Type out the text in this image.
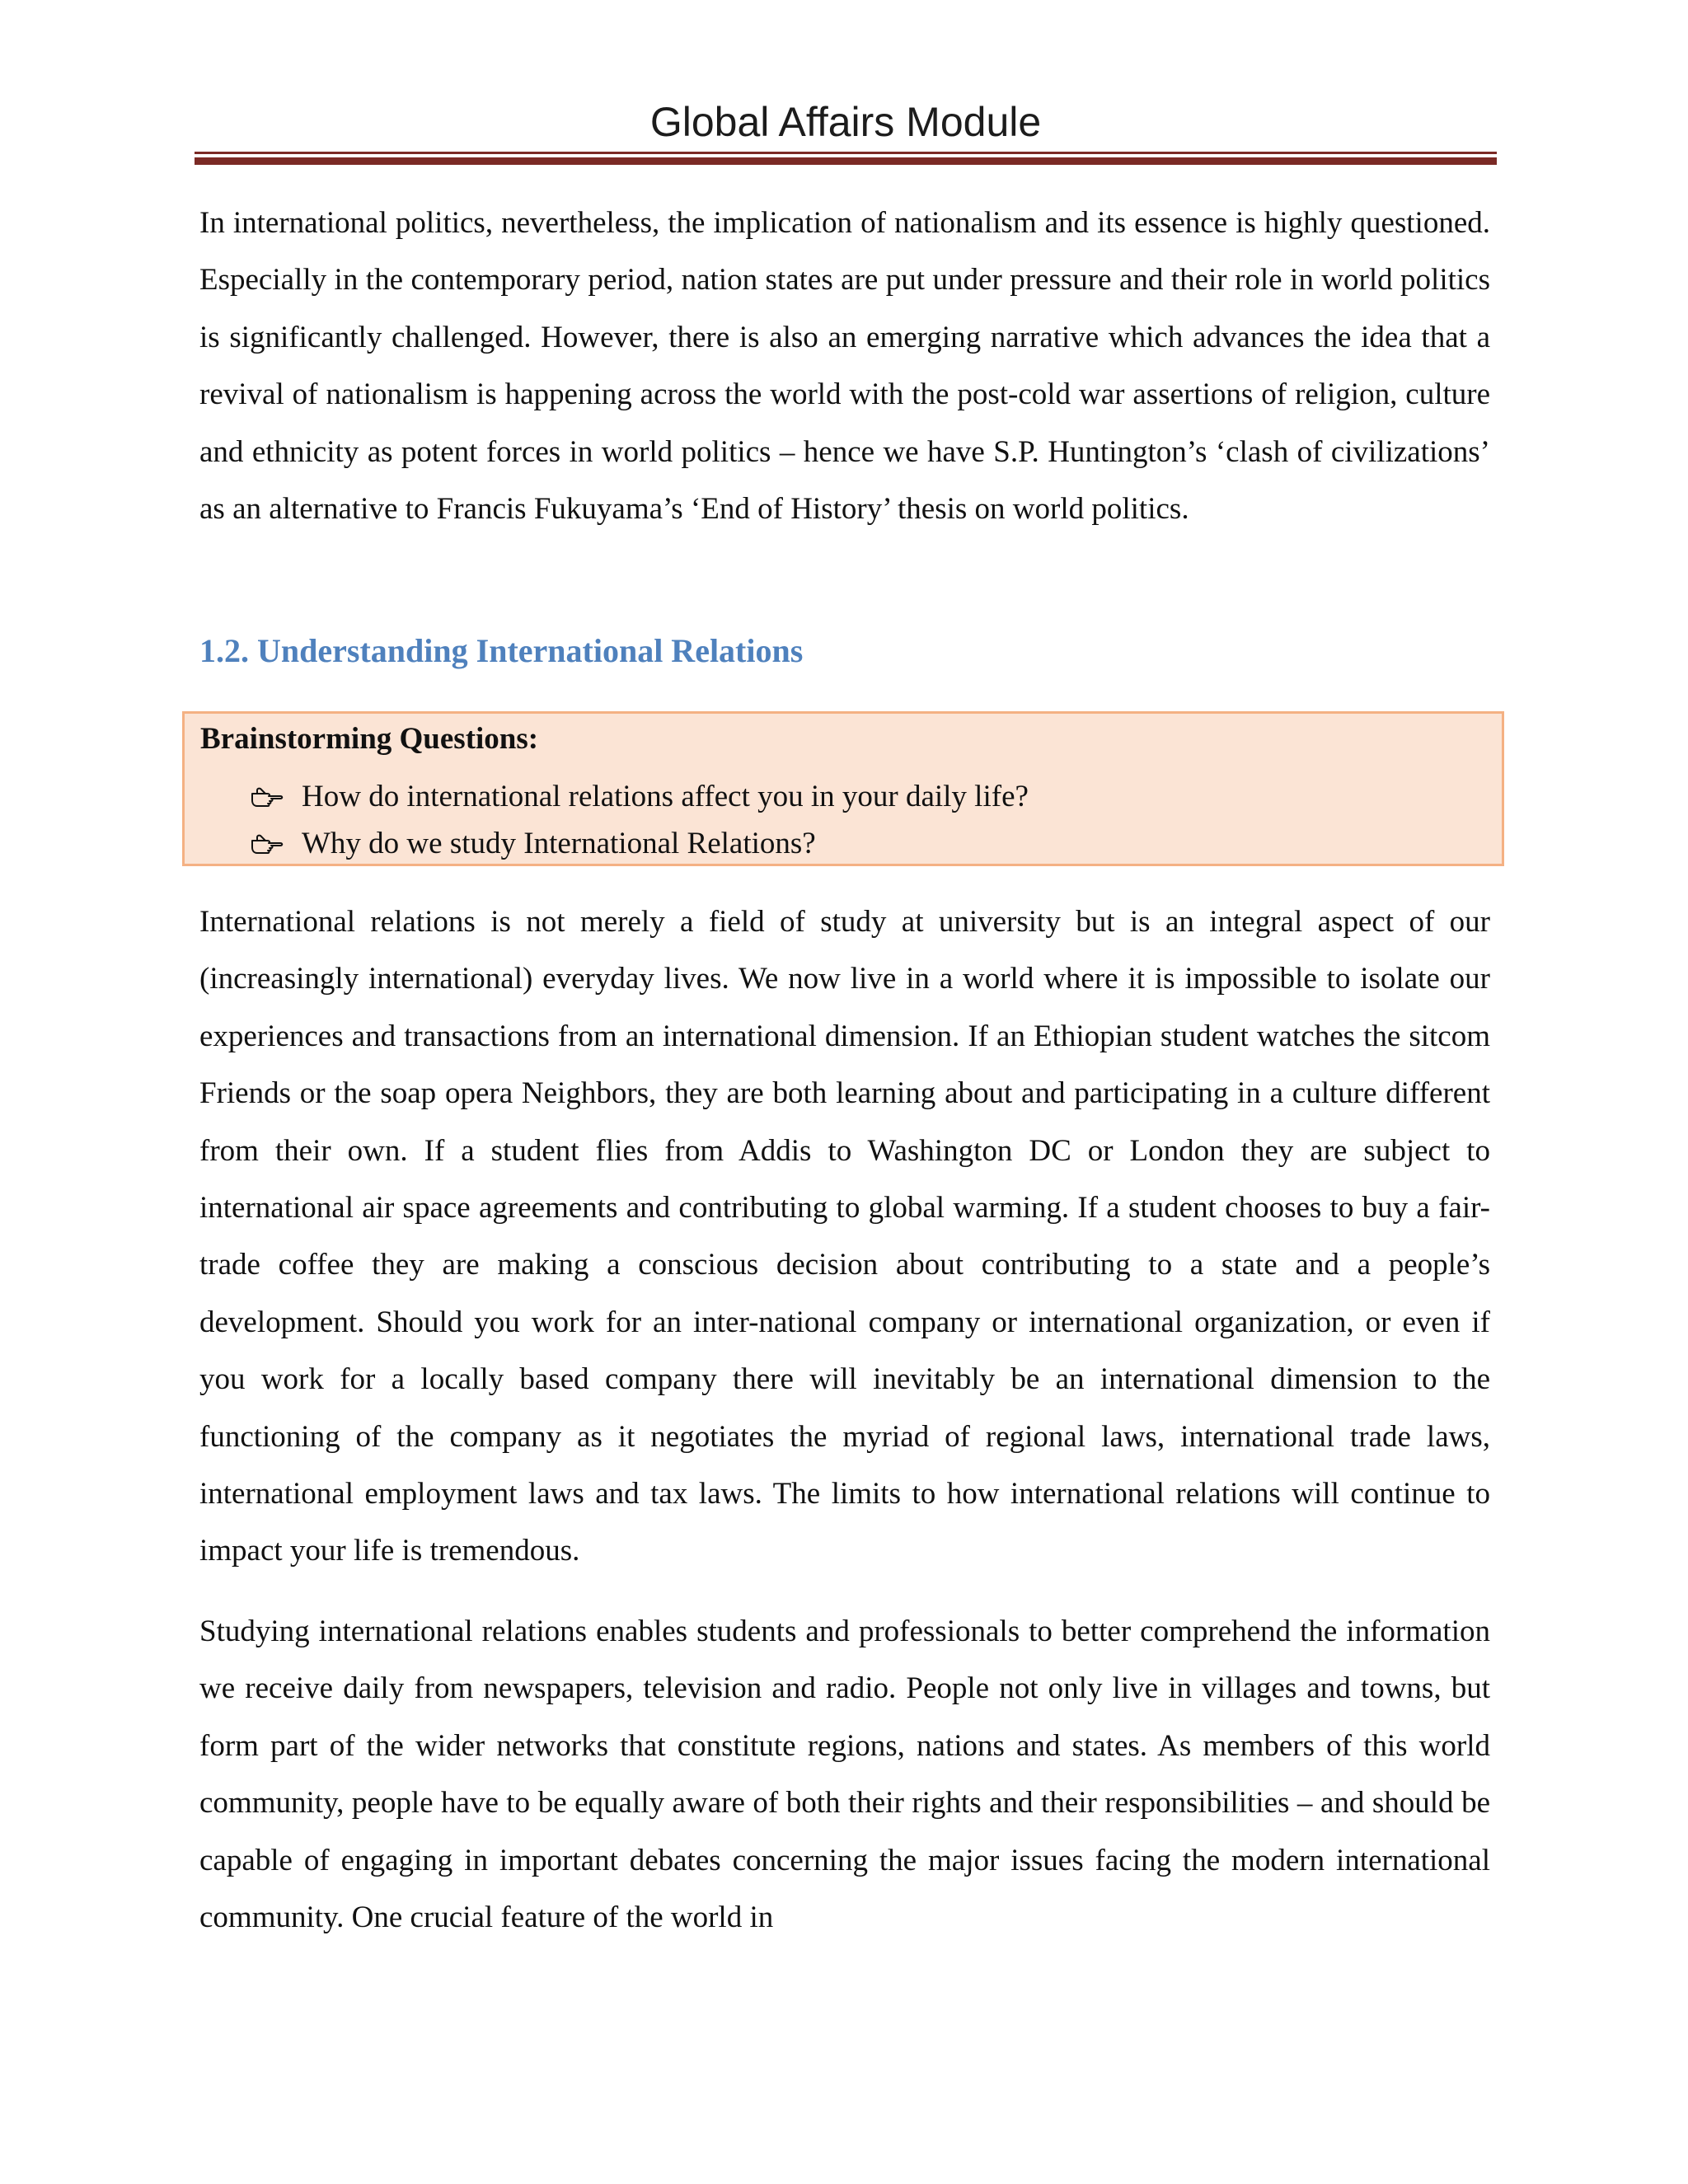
Global Affairs Module

In international politics, nevertheless, the implication of nationalism and its essence is highly questioned. Especially in the contemporary period, nation states are put under pressure and their role in world politics is significantly challenged. However, there is also an emerging narrative which advances the idea that a revival of nationalism is happening across the world with the post-cold war assertions of religion, culture and ethnicity as potent forces in world politics – hence we have S.P. Huntington’s ‘clash of civilizations’ as an alternative to Francis Fukuyama’s ‘End of History’ thesis on world politics.

1.2. Understanding International Relations
Brainstorming Questions:
How do international relations affect you in your daily life?
Why do we study International Relations?

International relations is not merely a field of study at university but is an integral aspect of our (increasingly international) everyday lives. We now live in a world where it is impossible to isolate our experiences and transactions from an international dimension. If an Ethiopian student watches the sitcom Friends or the soap opera Neighbors, they are both learning about and participating in a culture different from their own. If a student flies from Addis to Washington DC or London they are subject to international air space agreements and contributing to global warming. If a student chooses to buy a fair-trade coffee they are making a conscious decision about contributing to a state and a people’s development. Should you work for an inter-national company or international organization, or even if you work for a locally based company there will inevitably be an international dimension to the functioning of the company as it negotiates the myriad of regional laws, international trade laws, international employment laws and tax laws. The limits to how international relations will continue to impact your life is tremendous.

Studying international relations enables students and professionals to better comprehend the information we receive daily from newspapers, television and radio. People not only live in villages and towns, but form part of the wider networks that constitute regions, nations and states. As members of this world community, people have to be equally aware of both their rights and their responsibilities – and should be capable of engaging in important debates concerning the major issues facing the modern international community. One crucial feature of the world in
